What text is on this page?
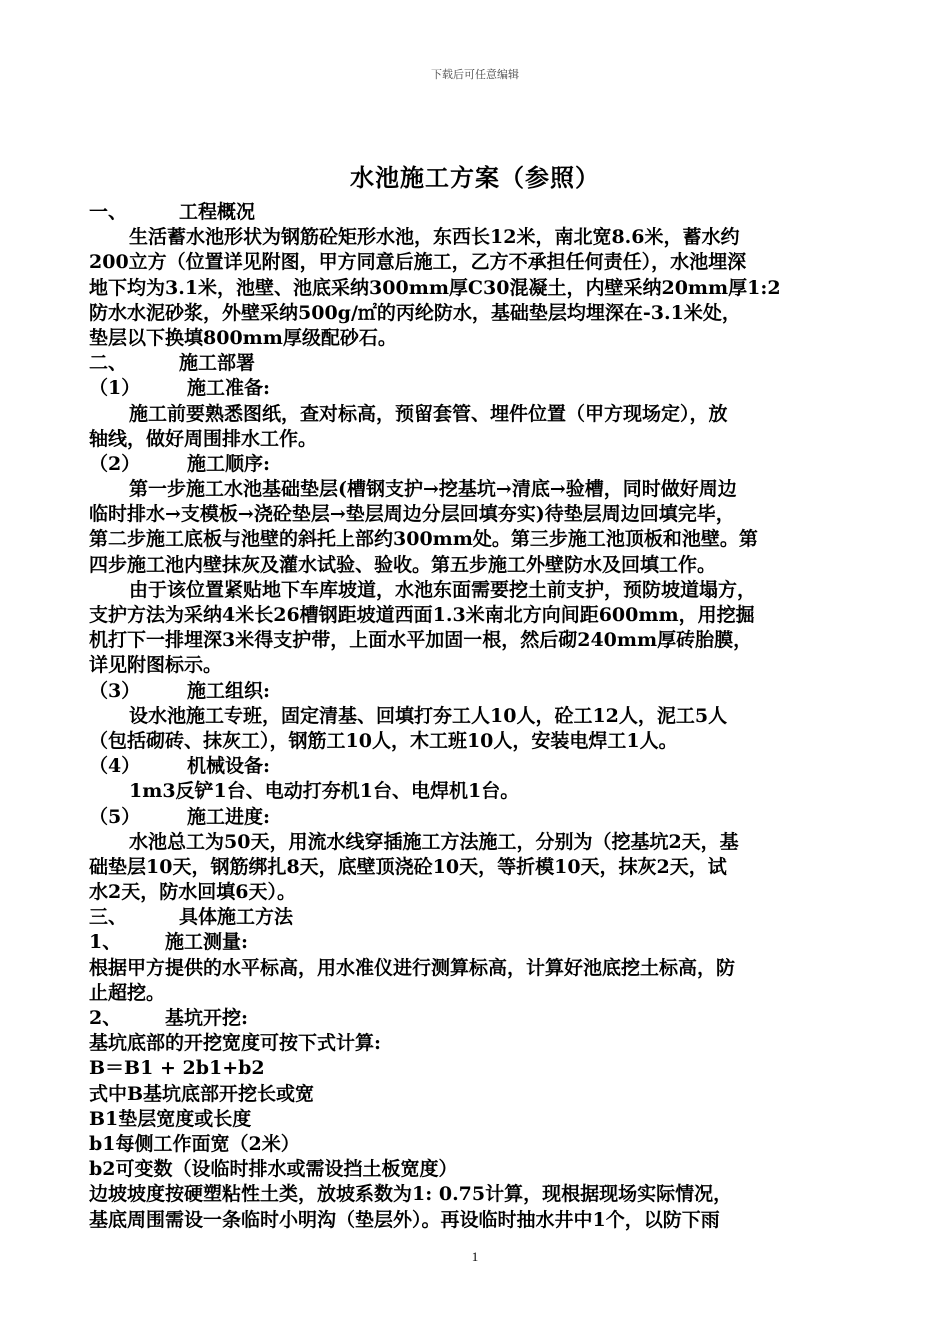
下载后可任意编辑
水池施工方案（参照）
一、	工程概况
生活蓄水池形状为钢筋砼矩形水池，东西长12米，南北宽8.6米，蓄水约
200立方（位置详见附图，甲方同意后施工，乙方不承担任何责任），水池埋深
地下均为3.1米，池壁、池底采纳300mm厚C30混凝土，内壁采纳20mm厚1:2
防水水泥砂浆，外壁采纳500g/㎡的丙纶防水，基础垫层均埋深在-3.1米处，
垫层以下换填800mm厚级配砂石。
二、	施工部署
（1） 施工准备:
施工前要熟悉图纸，查对标高，预留套管、埋件位置（甲方现场定），放
轴线，做好周围排水工作。
（2） 施工顺序:
第一步施工水池基础垫层(槽钢支护→挖基坑→清底→验槽，同时做好周边
临时排水→支模板→浇砼垫层→垫层周边分层回填夯实)待垫层周边回填完毕，
第二步施工底板与池壁的斜托上部约300mm处。第三步施工池顶板和池壁。第
四步施工池内壁抹灰及灌水试验、验收。第五步施工外壁防水及回填工作。
由于该位置紧贴地下车库坡道，水池东面需要挖土前支护，预防坡道塌方，
支护方法为采纳4米长26槽钢距坡道西面1.3米南北方向间距600mm，用挖掘
机打下一排埋深3米得支护带，上面水平加固一根，然后砌240mm厚砖胎膜，
详见附图标示。
（3） 施工组织:
设水池施工专班，固定清基、回填打夯工人10人，砼工12人，泥工5人
（包括砌砖、抹灰工），钢筋工10人，木工班10人，安装电焊工1人。
（4） 机械设备:
1m3反铲1台、电动打夯机1台、电焊机1台。
（5） 施工进度:
水池总工为50天，用流水线穿插施工方法施工，分别为（挖基坑2天，基
础垫层10天，钢筋绑扎8天，底壁顶浇砼10天，等折模10天，抹灰2天，试
水2天，防水回填6天）。
三、	具体施工方法
1、 施工测量:
根据甲方提供的水平标高，用水准仪进行测算标高，计算好池底挖土标高，防
止超挖。
2、 基坑开挖:
基坑底部的开挖宽度可按下式计算:
B＝B1 + 2b1+b2
式中B基坑底部开挖长或宽
B1垫层宽度或长度
b1每侧工作面宽（2米）
b2可变数（设临时排水或需设挡土板宽度）
边坡坡度按硬塑粘性土类，放坡系数为1: 0.75计算，现根据现场实际情况，
基底周围需设一条临时小明沟（垫层外）。再设临时抽水井中1个，以防下雨
1
